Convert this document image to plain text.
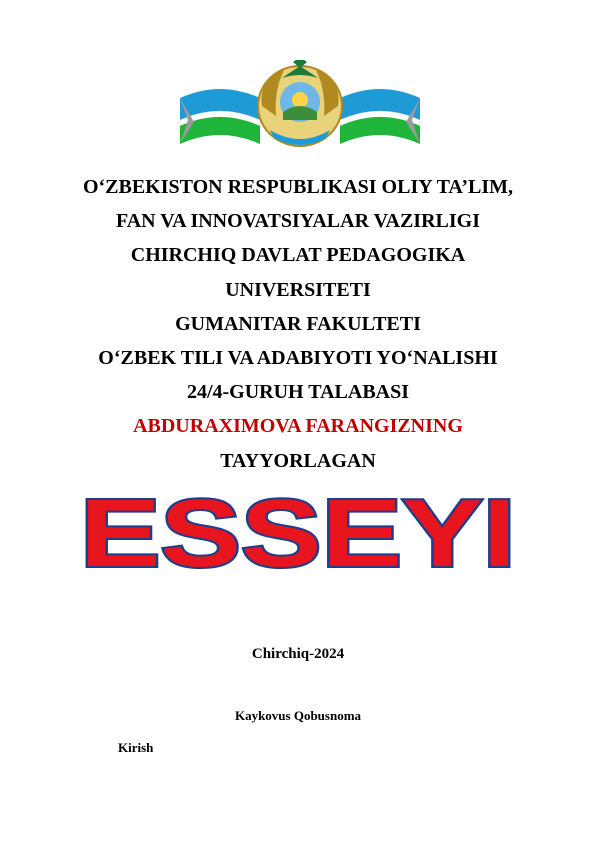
O‘ZBEKISTON RESPUBLIKASI OLIY TA’LIM,
FAN VA INNOVATSIYALAR VAZIRLIGI
CHIRCHIQ DAVLAT PEDAGOGIKA
UNIVERSITETI
GUMANITAR FAKULTETI
O‘ZBEK TILI VA ADABIYOTI YO‘NALISHI
24/4-GURUH TALABASI
ABDURAXIMOVA FARANGIZNING
TAYYORLAGAN
ESSEYI
Chirchiq-2024
Kaykovus Qobusnoma
Kirish
